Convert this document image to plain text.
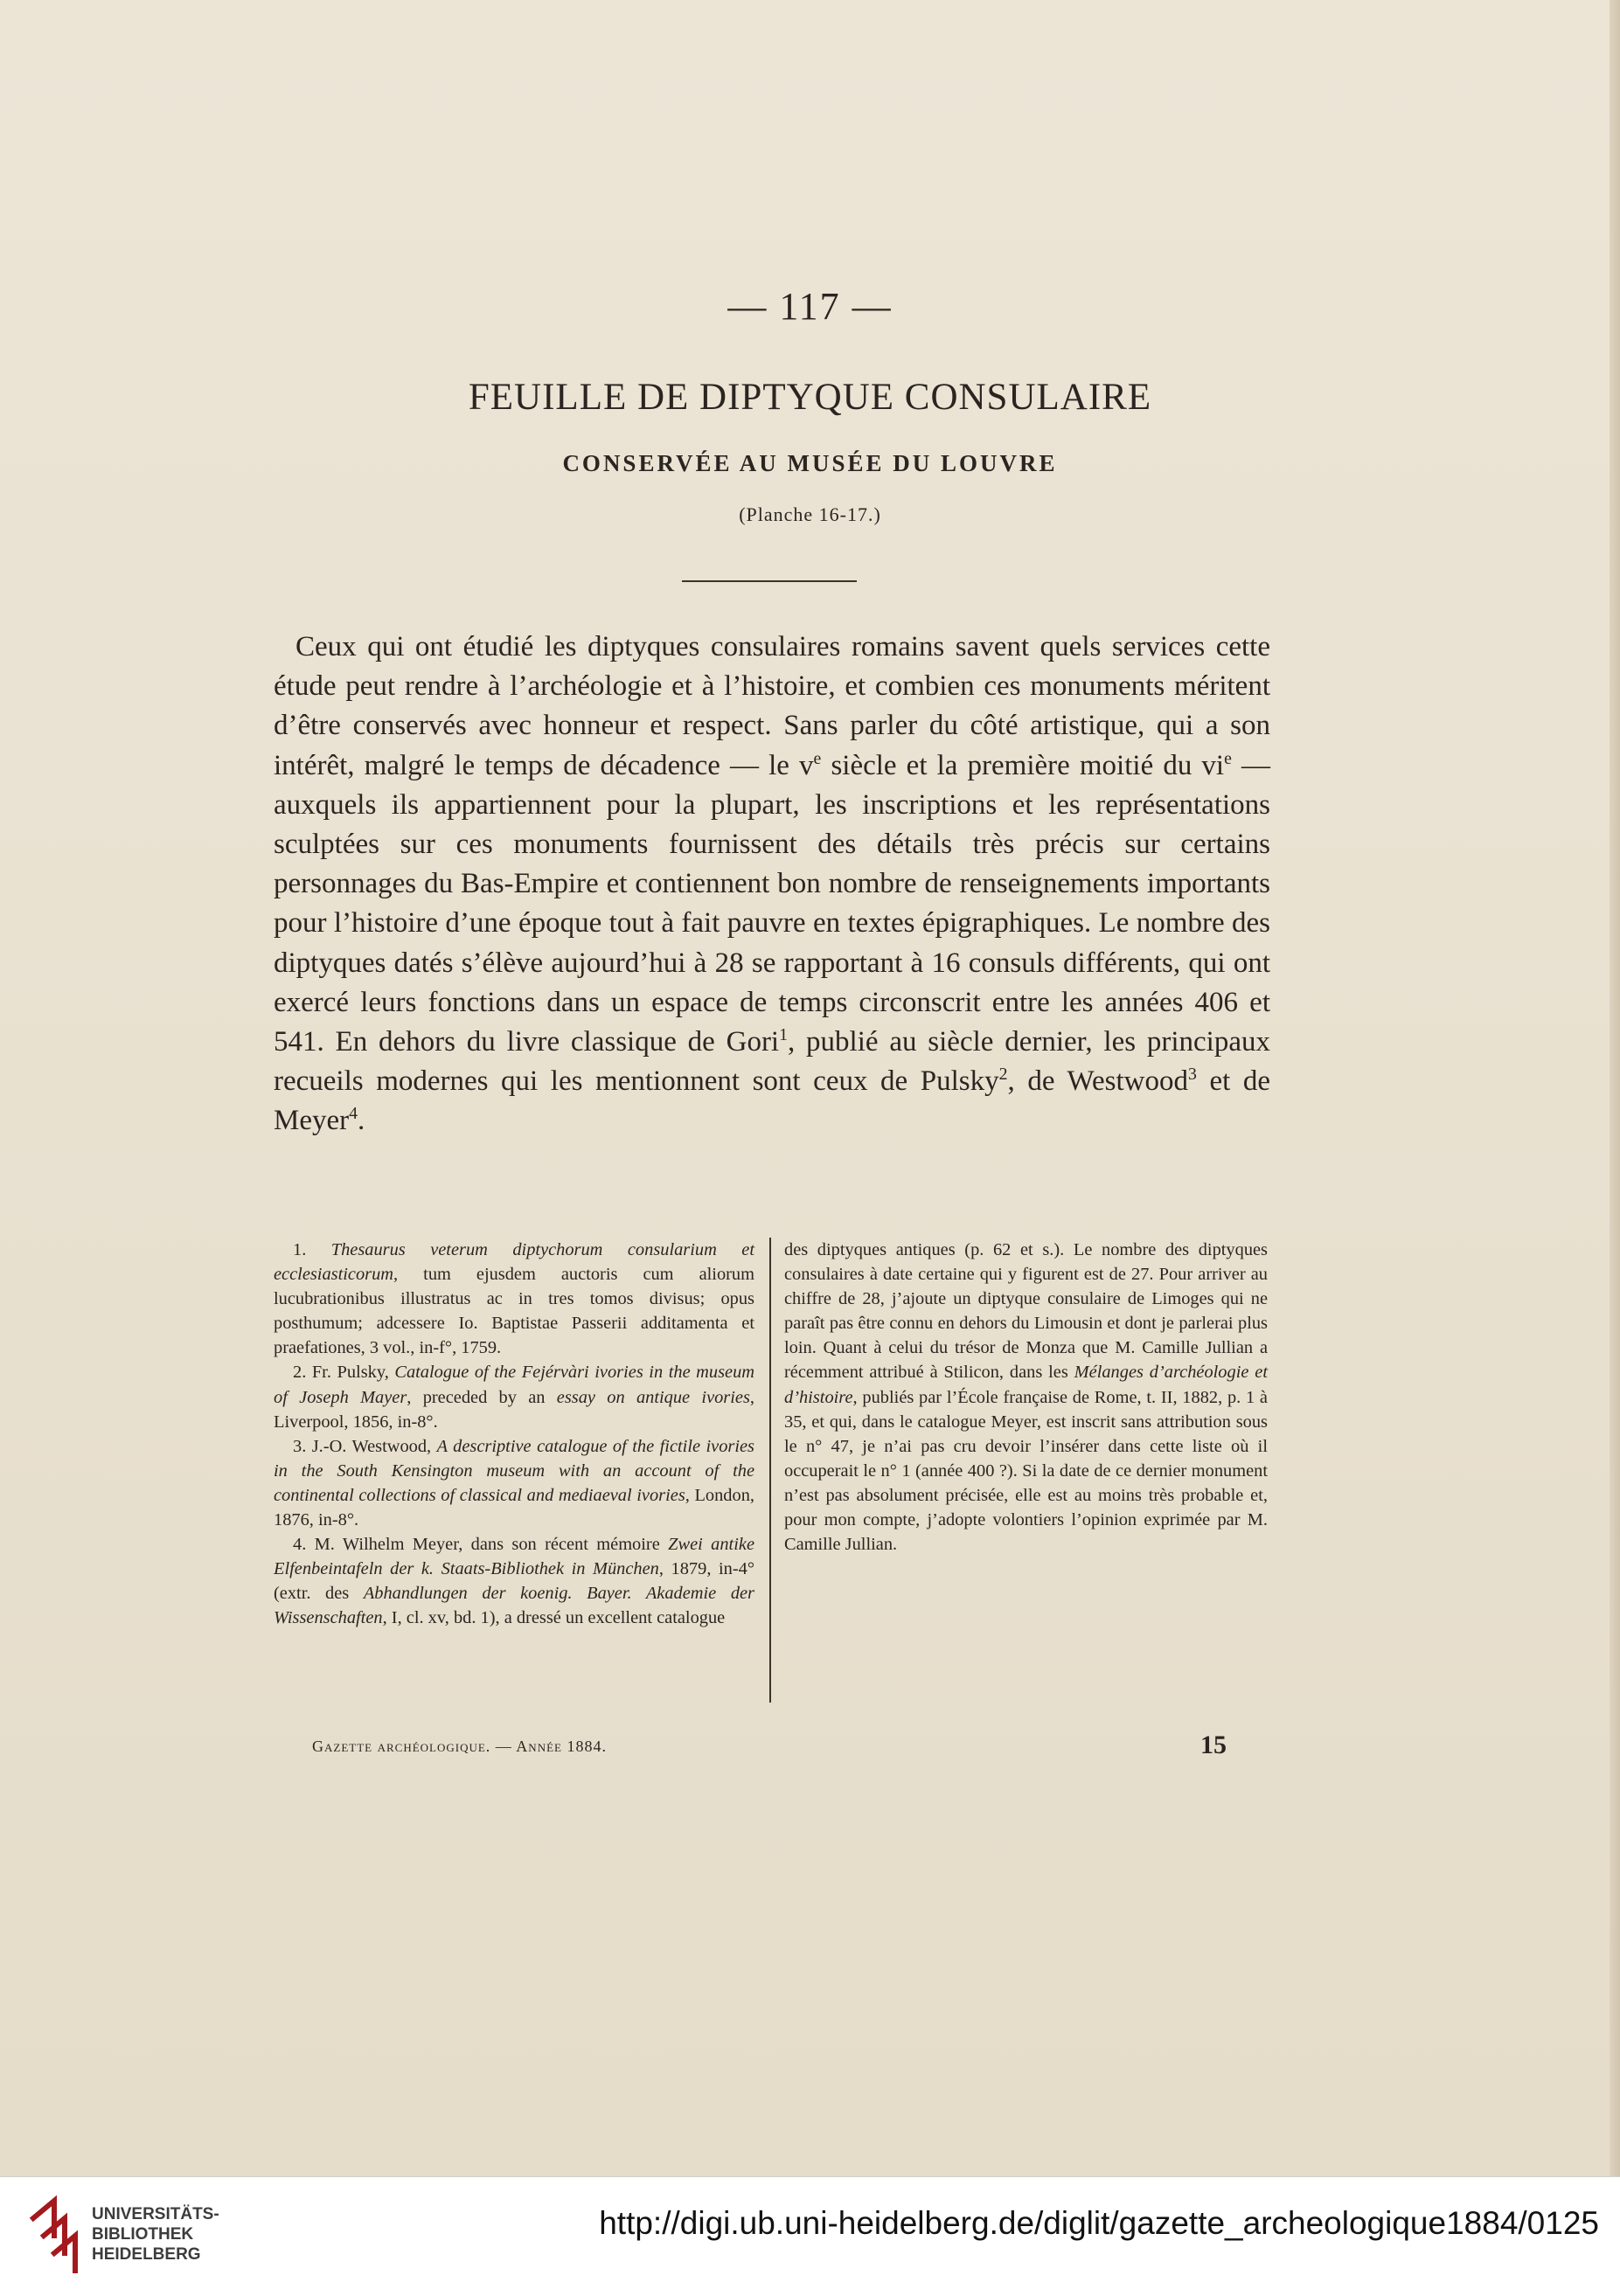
— 117 —
FEUILLE DE DIPTYQUE CONSULAIRE
CONSERVÉE AU MUSÉE DU LOUVRE
(Planche 16-17.)

Ceux qui ont étudié les diptyques consulaires romains savent quels services cette étude peut rendre à l’archéologie et à l’histoire, et combien ces monuments méritent d’être conservés avec honneur et respect. Sans parler du côté artistique, qui a son intérêt, malgré le temps de décadence — le $v^e$ siècle et la première moitié du $vi^e$ — auxquels ils appartiennent pour la plupart, les inscriptions et les représentations sculptées sur ces monuments fournissent des détails très précis sur certains personnages du Bas-Empire et contiennent bon nombre de renseignements importants pour l’histoire d’une époque tout à fait pauvre en textes épigraphiques. Le nombre des diptyques datés s’élève aujourd’hui à 28 se rapportant à 16 consuls différents, qui ont exercé leurs fonctions dans un espace de temps circonscrit entre les années 406 et 541. En dehors du livre classique de Gori$^1$, publié au siècle dernier, les principaux recueils modernes qui les mentionnent sont ceux de Pulsky$^2$, de Westwood$^3$ et de Meyer$^4$.

1. Thesaurus veterum diptychorum consularium et ecclesiasticorum, tum ejusdem auctoris cum aliorum lucubrationibus illustratus ac in tres tomos divisus; opus posthumum; adcessere Io. Baptistae Passerii additamenta et praefationes, 3 vol., in-f°, 1759.

2. Fr. Pulsky, Catalogue of the Fejérvàri ivories in the museum of Joseph Mayer, preceded by an essay on antique ivories, Liverpool, 1856, in-8°.

3. J.-O. Westwood, A descriptive catalogue of the fictile ivories in the South Kensington museum with an account of the continental collections of classical and mediaeval ivories, London, 1876, in-8°.

4. M. Wilhelm Meyer, dans son récent mémoire Zwei antike Elfenbeintafeln der k. Staats-Bibliothek in München, 1879, in-4° (extr. des Abhandlungen der koenig. Bayer. Akademie der Wissenschaften, I, cl. xv, bd. 1), a dressé un excellent catalogue

des diptyques antiques (p. 62 et s.). Le nombre des diptyques consulaires à date certaine qui y figurent est de 27. Pour arriver au chiffre de 28, j’ajoute un diptyque consulaire de Limoges qui ne paraît pas être connu en dehors du Limousin et dont je parlerai plus loin. Quant à celui du trésor de Monza que M. Camille Jullian a récemment attribué à Stilicon, dans les Mélanges d’archéologie et d’histoire, publiés par l’École française de Rome, t. II, 1882, p. 1 à 35, et qui, dans le catalogue Meyer, est inscrit sans attribution sous le n° 47, je n’ai pas cru devoir l’insérer dans cette liste où il occuperait le n° 1 (année 400 ?). Si la date de ce dernier monument n’est pas absolument précisée, elle est au moins très probable et, pour mon compte, j’adopte volontiers l’opinion exprimée par M. Camille Jullian.

Gazette archéologique. — Année 1884.	15
UNIVERSITÄTS-
BIBLIOTHEK
HEIDELBERG
http://digi.ub.uni-heidelberg.de/diglit/gazette_archeologique1884/0125
